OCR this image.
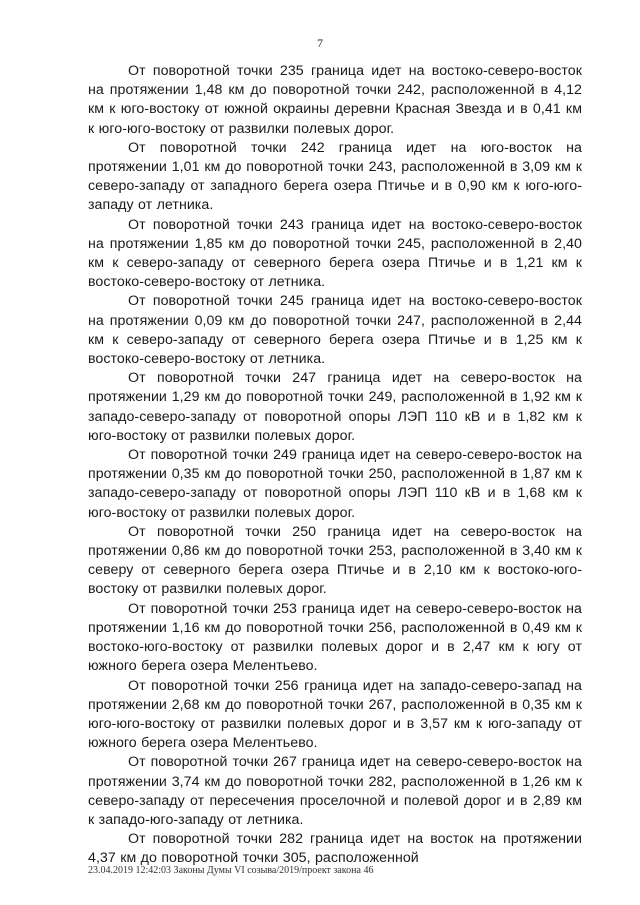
7

От поворотной точки 235 граница идет на востоко-северо-восток на протяжении 1,48 км до поворотной точки 242, расположенной в 4,12 км к юго-востоку от южной окраины деревни Красная Звезда и в 0,41 км к юго-юго-востоку от развилки полевых дорог.

От поворотной точки 242 граница идет на юго-восток на протяжении 1,01 км до поворотной точки 243, расположенной в 3,09 км к северо-западу от западного берега озера Птичье и в 0,90 км к юго-юго-западу от летника.

От поворотной точки 243 граница идет на востоко-северо-восток на протяжении 1,85 км до поворотной точки 245, расположенной в 2,40 км к северо-западу от северного берега озера Птичье и в 1,21 км к востоко-северо-востоку от летника.

От поворотной точки 245 граница идет на востоко-северо-восток на протяжении 0,09 км до поворотной точки 247, расположенной в 2,44 км к северо-западу от северного берега озера Птичье и в 1,25 км к востоко-северо-востоку от летника.

От поворотной точки 247 граница идет на северо-восток на протяжении 1,29 км до поворотной точки 249, расположенной в 1,92 км к западо-северо-западу от поворотной опоры ЛЭП 110 кВ и в 1,82 км к юго-востоку от развилки полевых дорог.

От поворотной точки 249 граница идет на северо-северо-восток на протяжении 0,35 км до поворотной точки 250, расположенной в 1,87 км к западо-северо-западу от поворотной опоры ЛЭП 110 кВ и в 1,68 км к юго-востоку от развилки полевых дорог.

От поворотной точки 250 граница идет на северо-восток на протяжении 0,86 км до поворотной точки 253, расположенной в 3,40 км к северу от северного берега озера Птичье и в 2,10 км к востоко-юго-востоку от развилки полевых дорог.

От поворотной точки 253 граница идет на северо-северо-восток на протяжении 1,16 км до поворотной точки 256, расположенной в 0,49 км к востоко-юго-востоку от развилки полевых дорог и в 2,47 км к югу от южного берега озера Мелентьево.

От поворотной точки 256 граница идет на западо-северо-запад на протяжении 2,68 км до поворотной точки 267, расположенной в 0,35 км к юго-юго-востоку от развилки полевых дорог и в 3,57 км к юго-западу от южного берега озера Мелентьево.

От поворотной точки 267 граница идет на северо-северо-восток на протяжении 3,74 км до поворотной точки 282, расположенной в 1,26 км к северо-западу от пересечения проселочной и полевой дорог и в 2,89 км к западо-юго-западу от летника.

От поворотной точки 282 граница идет на восток на протяжении 4,37 км до поворотной точки 305, расположенной

23.04.2019 12:42:03 Законы Думы VI созыва/2019/проект закона 46
